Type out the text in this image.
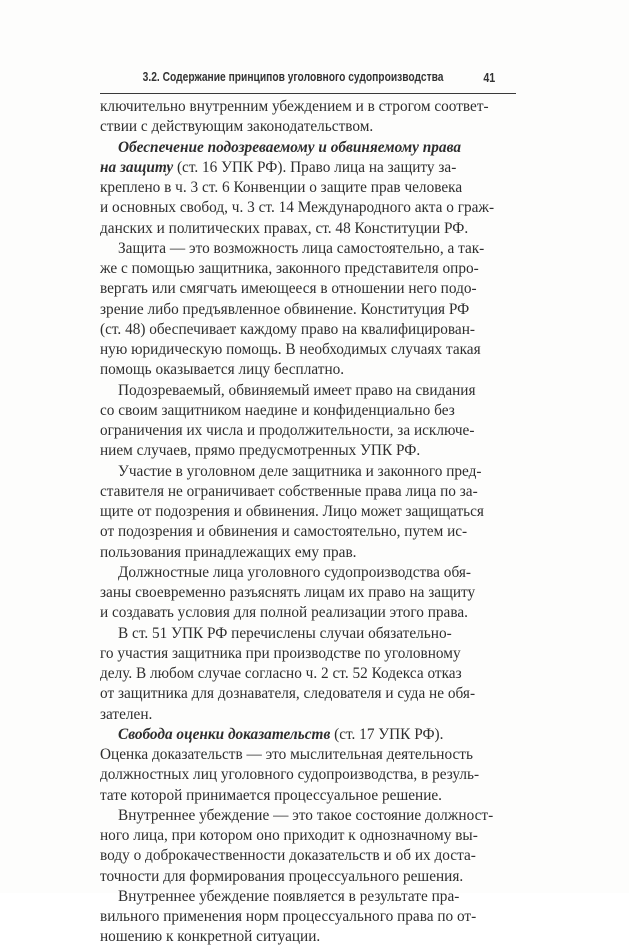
3.2. Содержание принципов уголовного судопроизводства	41
ключительно внутренним убеждением и в строгом соответ-
ствии с действующим законодательством.
Обеспечение подозреваемому и обвиняемому права
на защиту (ст. 16 УПК РФ). Право лица на защиту за-
креплено в ч. 3 ст. 6 Конвенции о защите прав человека
и основных свобод, ч. 3 ст. 14 Международного акта о граж-
данских и политических правах, ст. 48 Конституции РФ.
Защита — это возможность лица самостоятельно, а так-
же с помощью защитника, законного представителя опро-
вергать или смягчать имеющееся в отношении него подо-
зрение либо предъявленное обвинение. Конституция РФ
(ст. 48) обеспечивает каждому право на квалифицирован-
ную юридическую помощь. В необходимых случаях такая
помощь оказывается лицу бесплатно.
Подозреваемый, обвиняемый имеет право на свидания
со своим защитником наедине и конфиденциально без
ограничения их числа и продолжительности, за исключе-
нием случаев, прямо предусмотренных УПК РФ.
Участие в уголовном деле защитника и законного пред-
ставителя не ограничивает собственные права лица по за-
щите от подозрения и обвинения. Лицо может защищаться
от подозрения и обвинения и самостоятельно, путем ис-
пользования принадлежащих ему прав.
Должностные лица уголовного судопроизводства обя-
заны своевременно разъяснять лицам их право на защиту
и создавать условия для полной реализации этого права.
В ст. 51 УПК РФ перечислены случаи обязательно-
го участия защитника при производстве по уголовному
делу. В любом случае согласно ч. 2 ст. 52 Кодекса отказ
от защитника для дознавателя, следователя и суда не обя-
зателен.
Свобода оценки доказательств (ст. 17 УПК РФ).
Оценка доказательств — это мыслительная деятельность
должностных лиц уголовного судопроизводства, в резуль-
тате которой принимается процессуальное решение.
Внутреннее убеждение — это такое состояние должност-
ного лица, при котором оно приходит к однозначному вы-
воду о доброкачественности доказательств и об их доста-
точности для формирования процессуального решения.
Внутреннее убеждение появляется в результате пра-
вильного применения норм процессуального права по от-
ношению к конкретной ситуации.
